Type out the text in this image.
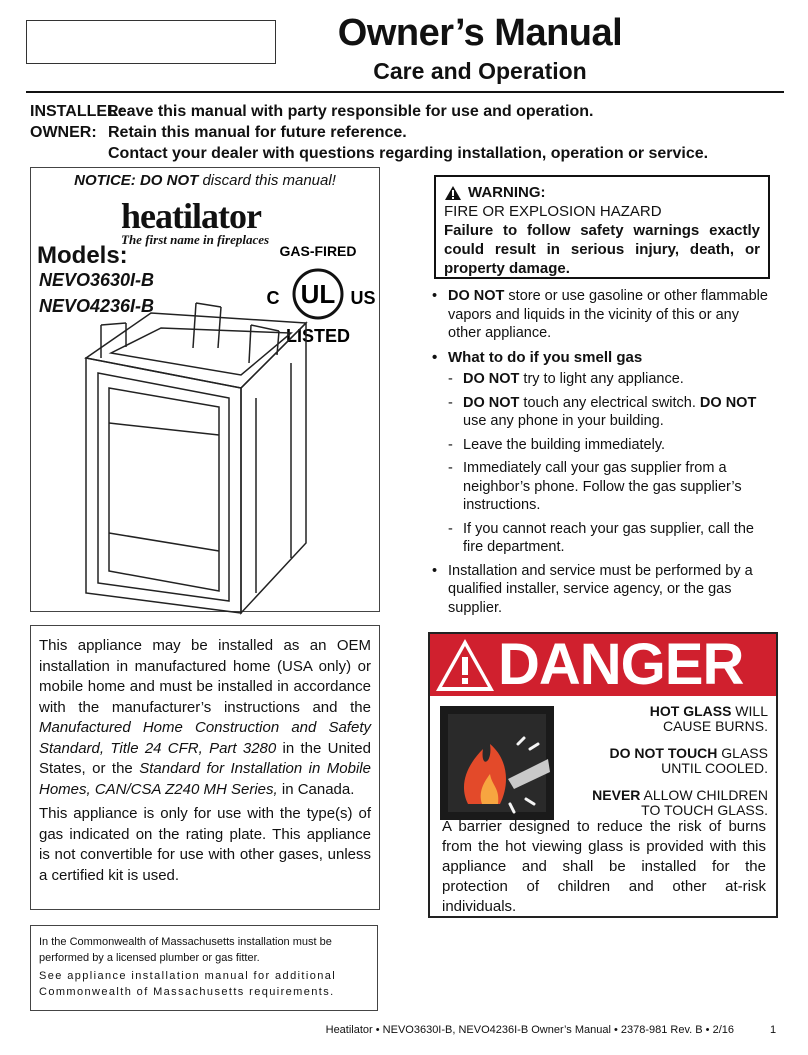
Owner’s Manual
Care and Operation
INSTALLER:
Leave this manual with party responsible for use and operation.
OWNER: Retain this manual for future reference.
Contact your dealer with questions regarding installation, operation or service.
NOTICE: DO NOT discard this manual!
heatilator
The first name in fireplaces
Models:
NEVO3630I-B
NEVO4236I-B
GAS-FIRED
UL
C	US
LISTED
WARNING:
FIRE OR EXPLOSION HAZARD
Failure to follow safety warnings exactly could result in serious injury, death, or property damage.
• DO NOT store or use gasoline or other flammable vapors and liquids in the vicinity of this or any other appliance.
• What to do if you smell gas
- DO NOT try to light any appliance.
- DO NOT touch any electrical switch. DO NOT use any phone in your building.
- Leave the building immediately.
- Immediately call your gas supplier from a neighbor’s phone. Follow the gas supplier’s instructions.
- If you cannot reach your gas supplier, call the fire department.
• Installation and service must be performed by a qualified installer, service agency, or the gas supplier.

This appliance may be installed as an OEM installation in manufactured home (USA only) or mobile home and must be installed in accordance with the manufacturer’s instructions and the Manufactured Home Construction and Safety Standard, Title 24 CFR, Part 3280 in the United States, or the Standard for Installation in Mobile Homes, CAN/CSA Z240 MH Series, in Canada.

This appliance is only for use with the type(s) of gas indicated on the rating plate. This appliance is not convertible for use with other gases, unless a certified kit is used.

In the Commonwealth of Massachusetts installation must be performed by a licensed plumber or gas fitter.

See appliance installation manual for additional Commonwealth of Massachusetts requirements.

DANGER
HOT GLASS WILL
CAUSE BURNS.
DO NOT TOUCH GLASS
UNTIL COOLED.
NEVER ALLOW CHILDREN
TO TOUCH GLASS.
A barrier designed to reduce the risk of burns from the hot viewing glass is provided with this appliance and shall be installed for the protection of children and other at-risk individuals.
Heatilator • NEVO3630I-B, NEVO4236I-B Owner’s Manual • 2378-981 Rev. B • 2/16	1
